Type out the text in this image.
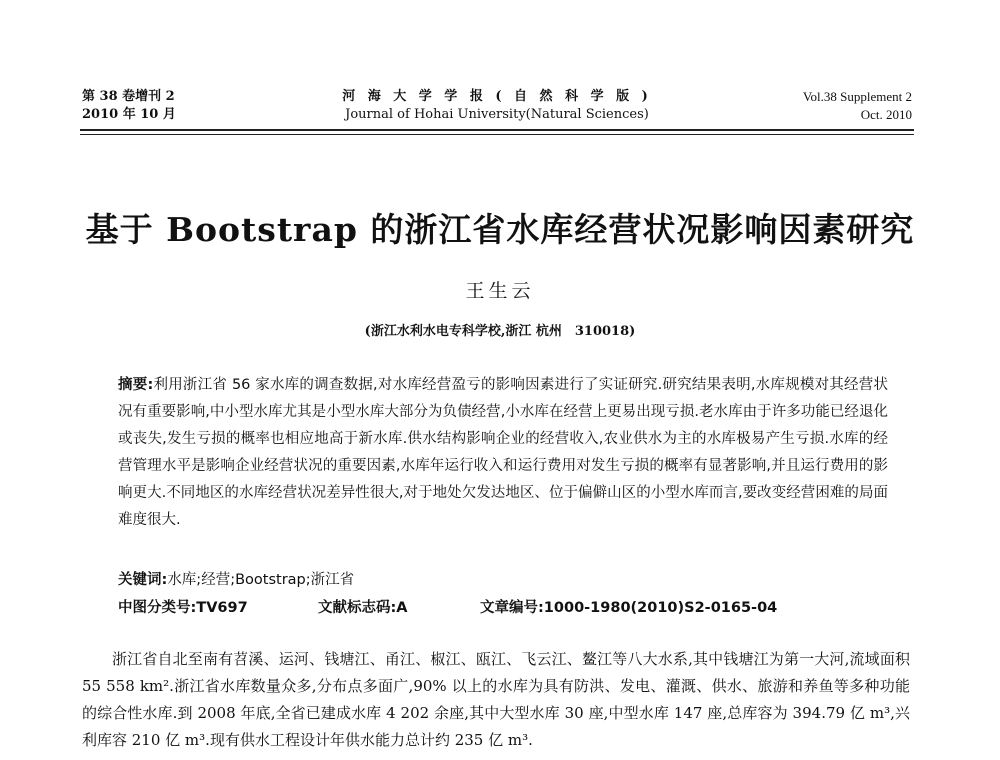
第 38 卷增刊 2
2010 年 10 月
河 海 大 学 学 报 ( 自 然 科 学 版 )
Journal of Hohai University(Natural Sciences)
Vol.38 Supplement 2
Oct. 2010
基于 Bootstrap 的浙江省水库经营状况影响因素研究
王生云
(浙江水利水电专科学校,浙江 杭州　310018)
摘要:利用浙江省 56 家水库的调查数据,对水库经营盈亏的影响因素进行了实证研究.研究结果表明,水库规模对其经营状况有重要影响,中小型水库尤其是小型水库大部分为负债经营,小水库在经营上更易出现亏损.老水库由于许多功能已经退化或丧失,发生亏损的概率也相应地高于新水库.供水结构影响企业的经营收入,农业供水为主的水库极易产生亏损.水库的经营管理水平是影响企业经营状况的重要因素,水库年运行收入和运行费用对发生亏损的概率有显著影响,并且运行费用的影响更大.不同地区的水库经营状况差异性很大,对于地处欠发达地区、位于偏僻山区的小型水库而言,要改变经营困难的局面难度很大.
关键词:水库;经营;Bootstrap;浙江省
中图分类号:TV697	文献标志码:A	文章编号:1000-1980(2010)S2-0165-04

浙江省自北至南有苕溪、运河、钱塘江、甬江、椒江、瓯江、飞云江、鳌江等八大水系,其中钱塘江为第一大河,流域面积 55 558 km².浙江省水库数量众多,分布点多面广,90% 以上的水库为具有防洪、发电、灌溉、供水、旅游和养鱼等多种功能的综合性水库.到 2008 年底,全省已建成水库 4 202 余座,其中大型水库 30 座,中型水库 147 座,总库容为 394.79 亿 m³,兴利库容 210 亿 m³.现有供水工程设计年供水能力总计约 235 亿 m³.
